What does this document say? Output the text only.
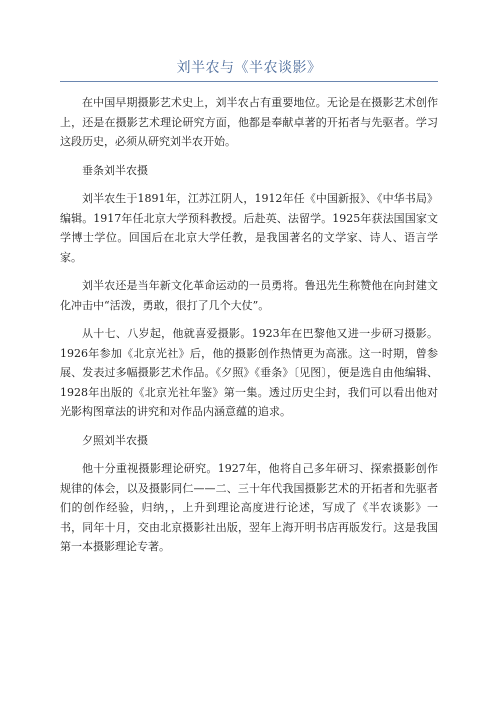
刘半农与《半农谈影》

在中国早期摄影艺术史上，刘半农占有重要地位。无论是在摄影艺术创作上，还是在摄影艺术理论研究方面，他都是奉献卓著的开拓者与先驱者。学习这段历史，必须从研究刘半农开始。

垂条刘半农摄

刘半农生于1891年，江苏江阴人，1912年任《中国新报》、《中华书局》编辑。1917年任北京大学预科教授。后赴英、法留学。1925年获法国国家文学博士学位。回国后在北京大学任教，是我国著名的文学家、诗人、语言学家。

刘半农还是当年新文化革命运动的一员勇将。鲁迅先生称赞他在向封建文化冲击中“活泼，勇敢，很打了几个大仗”。

从十七、八岁起，他就喜爱摄影。1923年在巴黎他又进一步研习摄影。1926年参加《北京光社》后，他的摄影创作热情更为高涨。这一时期，曾参展、发表过多幅摄影艺术作品。《夕照》《垂条》〔见图〕，便是选自由他编辑、1928年出版的《北京光社年鉴》第一集。透过历史尘封，我们可以看出他对光影构图章法的讲究和对作品内涵意蕴的追求。

夕照刘半农摄

他十分重视摄影理论研究。1927年，他将自己多年研习、探索摄影创作规律的体会，以及摄影同仁——二、三十年代我国摄影艺术的开拓者和先驱者们的创作经验，归纳，，上升到理论高度进行论述，写成了《半农谈影》一书，同年十月，交由北京摄影社出版，翌年上海开明书店再版发行。这是我国第一本摄影理论专著。
